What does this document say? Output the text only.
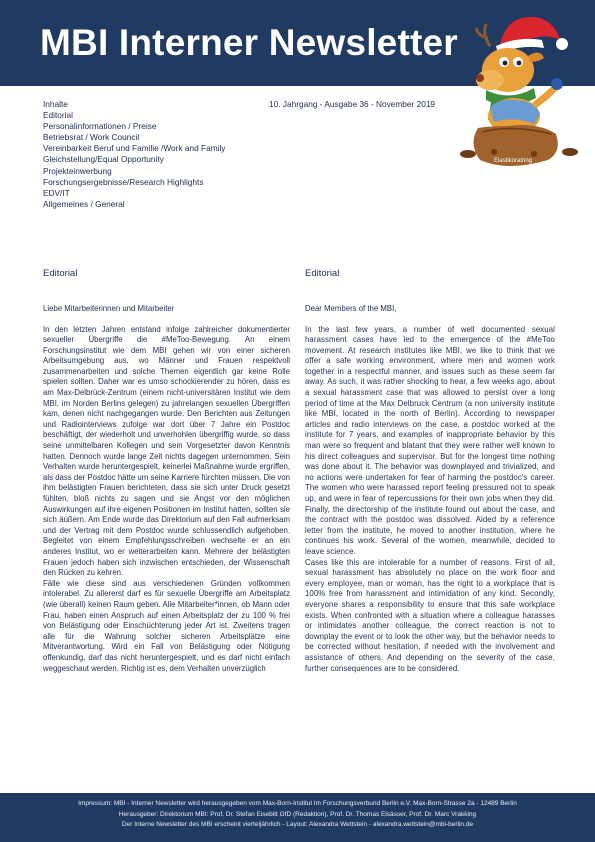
MBI Interner Newsletter
Elastikoratring
Inhalte
Editorial
Personalinformationen / Preise
Betriebsrat / Work Council
Vereinbarkeit Beruf und Familie /Work and Family
Gleichstellung/Equal Opportunity
Projekteinwerbung
Forschungsergebnisse/Research Highlights
EDV/IT
Allgemeines / General
10. Jahrgang - Ausgabe 36 - November 2019
Editorial
Liebe Mitarbeiterinnen und Mitarbeiter

In den letzten Jahren entstand infolge zahlreicher dokumentierter sexueller Übergriffe die #MeToo-Bewegung. An einem Forschungsinstitut wie dem MBI gehen wir von einer sicheren Arbeitsumgebung aus, wo Männer und Frauen respektvoll zusammenarbeiten und solche Themen eigentlich gar keine Rolle spielen sollten. Daher war es umso schockierender zu hören, dass es am Max-Delbrück-Zentrum (einem nicht-universitären Institut wie dem MBI, im Norden Berlins gelegen) zu jahrelangen sexuellen Übergriffen kam, denen nicht nachgegangen wurde. Den Berichten aus Zeitungen und Radiointerviews zufolge war dort über 7 Jahre ein Postdoc beschäftigt, der wiederholt und unverhohlen übergriffig wurde, so dass seine unmittelbaren Kollegen und sein Vorgesetzter davon Kenntnis hatten. Dennoch wurde lange Zeit nichts dagegen unternommen. Sein Verhalten wurde heruntergespielt, keinerlei Maßnahme wurde ergriffen, als dass der Postdoc hätte um seine Karriere fürchten müssen. Die von ihm belästigten Frauen berichteten, dass sie sich unter Druck gesetzt fühlten, bloß nichts zu sagen und sie Angst vor den möglichen Auswirkungen auf ihre eigenen Positionen im Institut hatten, sollten sie sich äußern. Am Ende wurde das Direktorium auf den Fall aufmerksam und der Vertrag mit dem Postdoc wurde schlussendlich aufgehoben. Begleitet von einem Empfehlungsschreiben wechselte er an ein anderes Institut, wo er weiterarbeiten kann. Mehrere der belästigten Frauen jedoch haben sich inzwischen entschieden, der Wissenschaft den Rücken zu kehren.

Fälle wie diese sind aus verschiedenen Gründen vollkommen intolerabel. Zu allererst darf es für sexuelle Übergriffe am Arbeitsplatz (wie überall) keinen Raum geben. Alle Mitarbeiter*innen, ob Mann oder Frau, haben einen Anspruch auf einen Arbeitsplatz der zu 100 % frei von Belästigung oder Einschüchterung jeder Art ist. Zweitens tragen alle für die Wahrung solcher sicheren Arbeitsplätze eine Mitverantwortung. Wird ein Fall von Belästigung oder Nötigung offenkundig, darf das nicht heruntergespielt, und es darf nicht einfach weggeschaut werden. Richtig ist es, dem Verhalten unverzüglich

Editorial
Dear Members of the MBI,

In the last few years, a number of well documented sexual harassment cases have led to the emergence of the #MeToo movement. At research institutes like MBI, we like to think that we offer a safe working environment, where men and women work together in a respectful manner, and issues such as these seem far away. As such, it was rather shocking to hear, a few weeks ago, about a sexual harassment case that was allowed to persist over a long period of time at the Max Delbruck Centrum (a non university institute like MBI, located in the north of Berlin). According to newspaper articles and radio interviews on the case, a postdoc worked at the institute for 7 years, and examples of inappropriate behavior by this man were so frequent and blatant that they were rather well known to his direct colleagues and supervisor. But for the longest time nothing was done about it. The behavior was downplayed and trivialized, and no actions were undertaken for fear of harming the postdoc's career. The women who were harassed report feeling pressured not to speak up, and were in fear of repercussions for their own jobs when they did. Finally, the directorship of the institute found out about the case, and the contract with the postdoc was dissolved. Aided by a reference letter from the institute, he moved to another institution, where he continues his work. Several of the women, meanwhile, decided to leave science.

Cases like this are intolerable for a number of reasons. First of all, sexual harassment has absolutely no place on the work floor and every employee, man or woman, has the right to a workplace that is 100% free from harassment and intimidation of any kind. Secondly, everyone shares a responsibility to ensure that this safe workplace exists. When confronted with a situation where a colleague harasses or intimidates another colleague, the correct reaction is not to downplay the event or to look the other way, but the behavior needs to be corrected without hesitation, if needed with the involvement and assistance of others. And depending on the severity of the case, further consequences are to be considered.

Impressum: MBI - Interner Newsletter wird herausgegeben vom Max-Born-Institut im Forschungsverbund Berlin e.V. Max-Born-Strasse 2a - 12489 Berlin
Herausgeber: Direktorium MBI: Prof. Dr. Stefan Eisebitt GfD (Redaktion), Prof. Dr. Thomas Elsässer, Prof. Dr. Marc Vrakking
Der Interne Newsletter des MBI erscheint vierteljährlich - Layout: Alexandra Wettstein - alexandra.wettstein@mbi-berlin.de
